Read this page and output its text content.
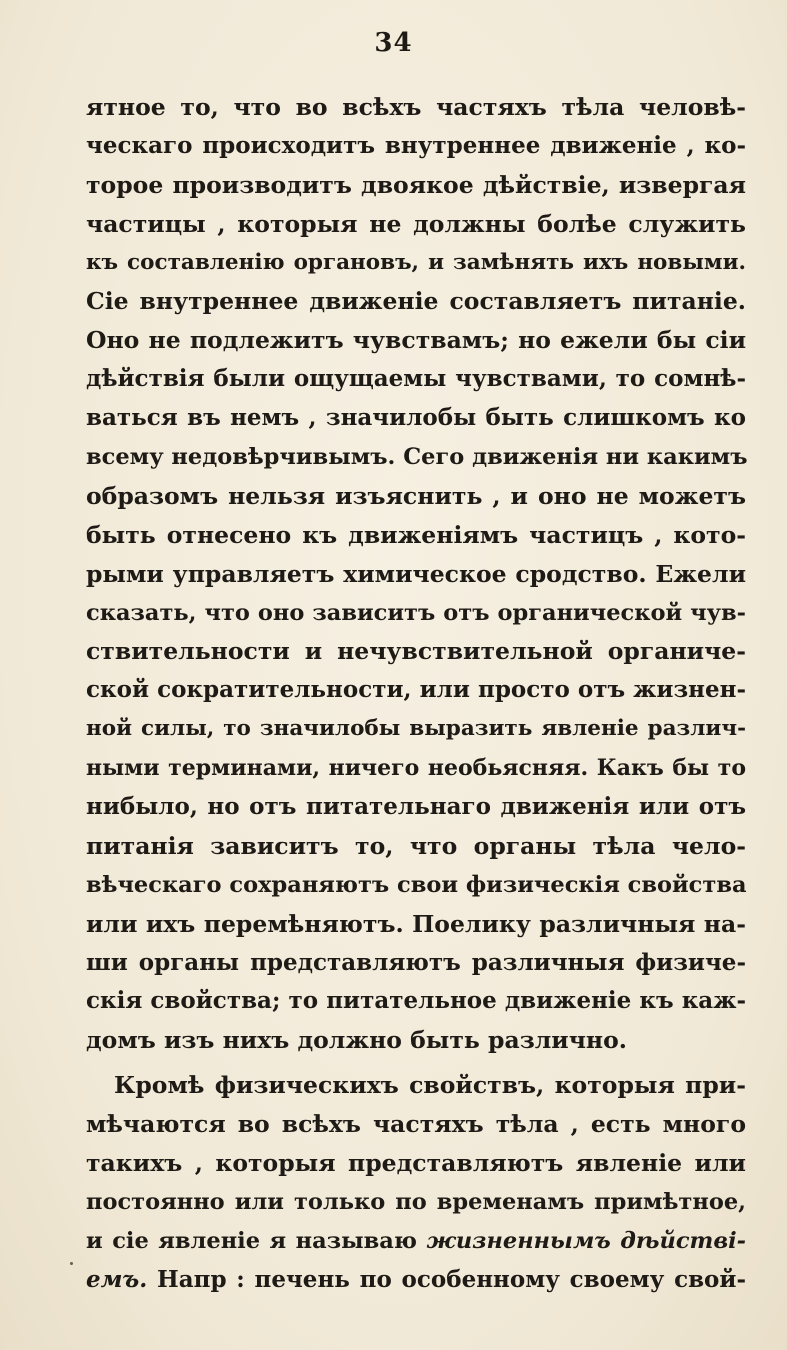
34
ятное то, что во всѣхъ частяхъ тѣла человѣ-
ческаго происходитъ внутреннее движеніе , ко-
торое производитъ двоякое дѣйствіе, извергая
частицы , которыя не должны болѣе служить
къ составленію органовъ, и замѣнять ихъ новыми.
Сіе внутреннее движеніе составляетъ питаніе.
Оно не подлежитъ чувствамъ; но ежели бы сіи
дѣйствія были ощущаемы чувствами, то сомнѣ-
ваться въ немъ , значилобы быть слишкомъ ко
всему недовѣрчивымъ. Сего движенія ни какимъ
образомъ нельзя изъяснить , и оно не можетъ
быть отнесено къ движеніямъ частицъ , кото-
рыми управляетъ химическое сродство. Ежели
сказать, что оно зависитъ отъ органической чув-
ствительности и нечувствительной органиче-
ской сократительности, или просто отъ жизнен-
ной силы, то значилобы выразить явленіе различ-
ными терминами, ничего необьясняя. Какъ бы то
нибыло, но отъ питательнаго движенія или отъ
питанія зависитъ то, что органы тѣла чело-
вѣческаго сохраняютъ свои физическія свойства
или ихъ перемѣняютъ. Поелику различныя на-
ши органы представляютъ различныя физиче-
скія свойства; то питательное движеніе къ каж-
домъ изъ нихъ должно быть различно.
Кромѣ физическихъ свойствъ, которыя при-
мѣчаются во всѣхъ частяхъ тѣла , есть много
такихъ , которыя представляютъ явленіе или
постоянно или только по временамъ примѣтное,
и сіе явленіе я называю жизненнымъ дѣйстві-
емъ. Напр : печень по особенному своему свой-
